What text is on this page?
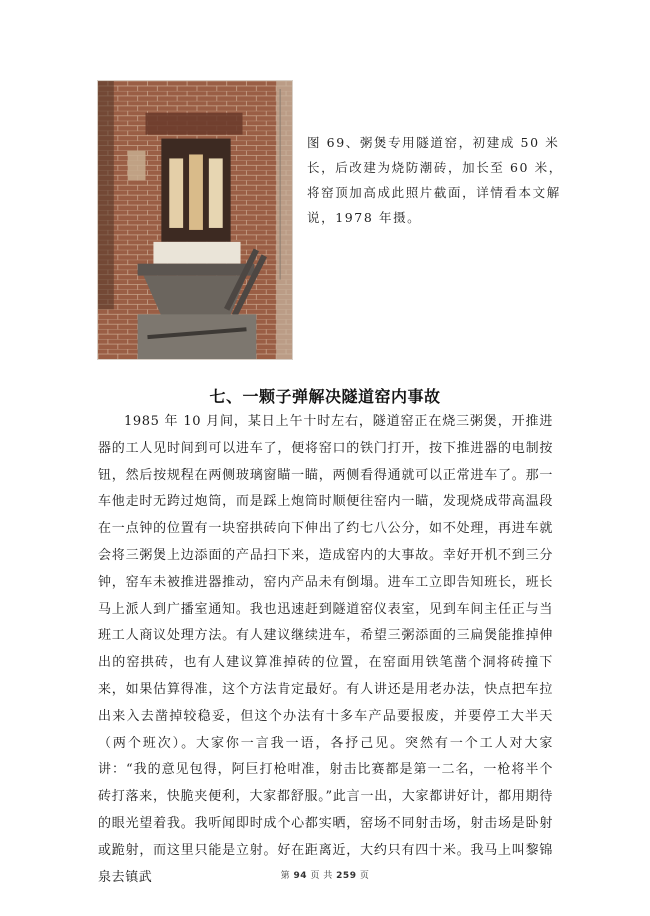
图 69、粥煲专用隧道窑，初建成 50 米长，后改建为烧防潮砖，加长至 60 米，将窑顶加高成此照片截面，详情看本文解说，1978 年摄。
七、一颗子弹解决隧道窑内事故

1985 年 10 月间，某日上午十时左右，隧道窑正在烧三粥煲，开推进器的工人见时间到可以进车了，便将窑口的铁门打开，按下推进器的电制按钮，然后按规程在两侧玻璃窗瞄一瞄，两侧看得通就可以正常进车了。那一车他走时无跨过炮筒，而是踩上炮筒时顺便往窑内一瞄，发现烧成带高温段在一点钟的位置有一块窑拱砖向下伸出了约七八公分，如不处理，再进车就会将三粥煲上边添面的产品扫下来，造成窑内的大事故。幸好开机不到三分钟，窑车未被推进器推动，窑内产品未有倒塌。进车工立即告知班长，班长马上派人到广播室通知。我也迅速赶到隧道窑仪表室，见到车间主任正与当班工人商议处理方法。有人建议继续进车，希望三粥添面的三扁煲能推掉伸出的窑拱砖，也有人建议算准掉砖的位置，在窑面用铁笔凿个洞将砖撞下来，如果估算得准，这个方法肯定最好。有人讲还是用老办法，快点把车拉出来入去凿掉较稳妥，但这个办法有十多车产品要报废，并要停工大半天（两个班次）。大家你一言我一语，各抒己见。突然有一个工人对大家讲：“我的意见包得，阿巨打枪咁准，射击比赛都是第一二名，一枪将半个砖打落来，快脆夹便利，大家都舒服。”此言一出，大家都讲好计，都用期待的眼光望着我。我听闻即时成个心都实晒，窑场不同射击场，射击场是卧射或跪射，而这里只能是立射。好在距离近，大约只有四十米。我马上叫黎锦泉去镇武	第 94 页 共 259 页
